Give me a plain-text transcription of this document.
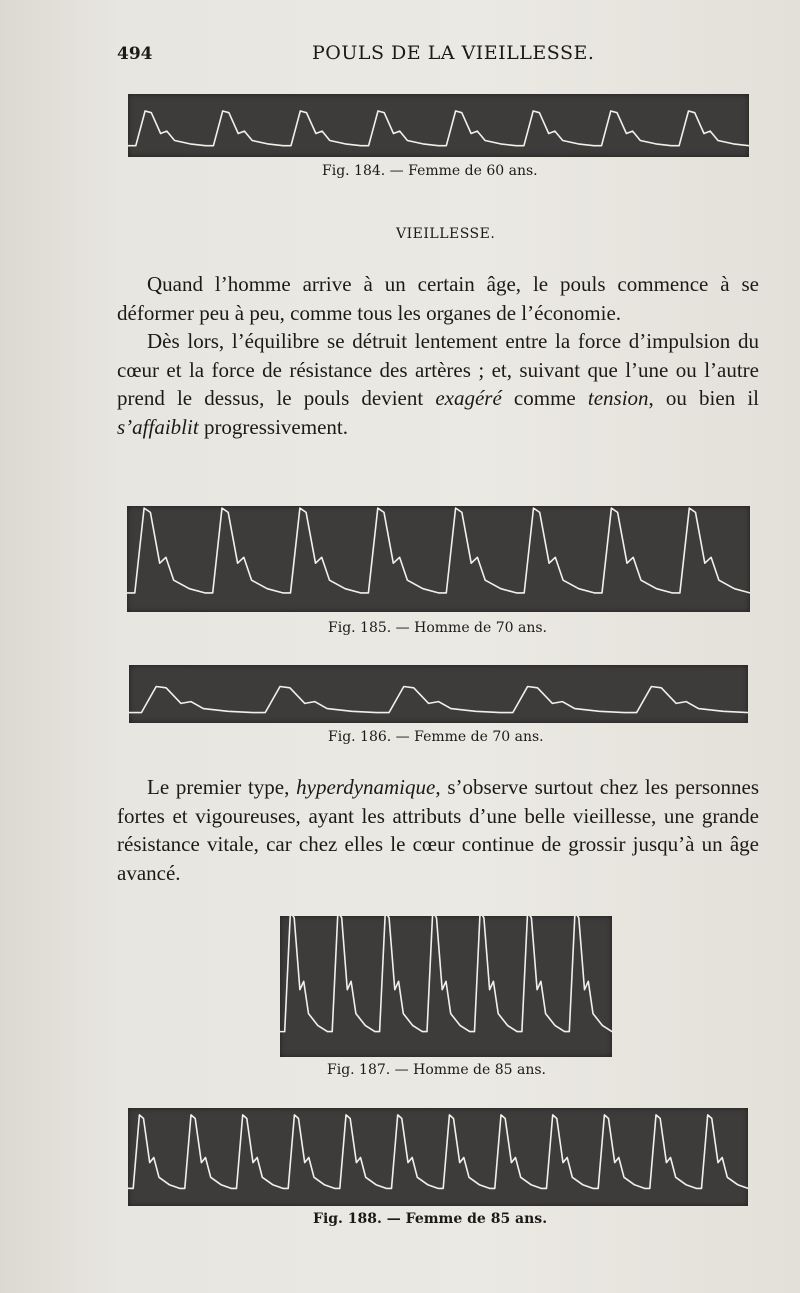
494	POULS DE LA VIEILLESSE.
Fig. 184. — Femme de 60 ans.
VIEILLESSE.

Quand l’homme arrive à un certain âge, le pouls commence à se déformer peu à peu, comme tous les organes de l’économie.

Dès lors, l’équilibre se détruit lentement entre la force d’impulsion du cœur et la force de résistance des artères ; et, suivant que l’une ou l’autre prend le dessus, le pouls devient exagéré comme tension, ou bien il s’affaiblit progressivement.

Fig. 185. — Homme de 70 ans.
Fig. 186. — Femme de 70 ans.

Le premier type, hyperdynamique, s’observe surtout chez les personnes fortes et vigoureuses, ayant les attributs d’une belle vieillesse, une grande résistance vitale, car chez elles le cœur continue de grossir jusqu’à un âge avancé.

Fig. 187. — Homme de 85 ans.
Fig. 188. — Femme de 85 ans.
